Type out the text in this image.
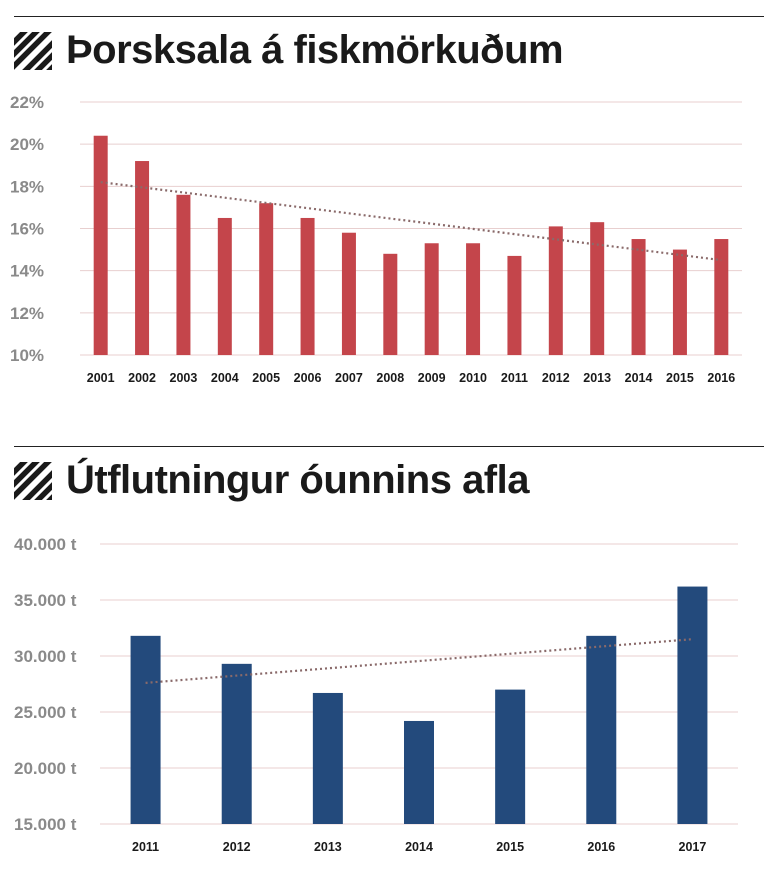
Þorsksala á fiskmörkuðum
10%
12%
14%
16%
18%
20%
22%
2001 2002 2003 2004 2005 2006 2007 2008 2009 2010 2011 2012 2013 2014 2015 2016
Útflutningur óunnins afla
15.000 t
20.000 t
25.000 t
30.000 t
35.000 t
40.000 t
2011	2012	2013	2014	2015	2016	2017
